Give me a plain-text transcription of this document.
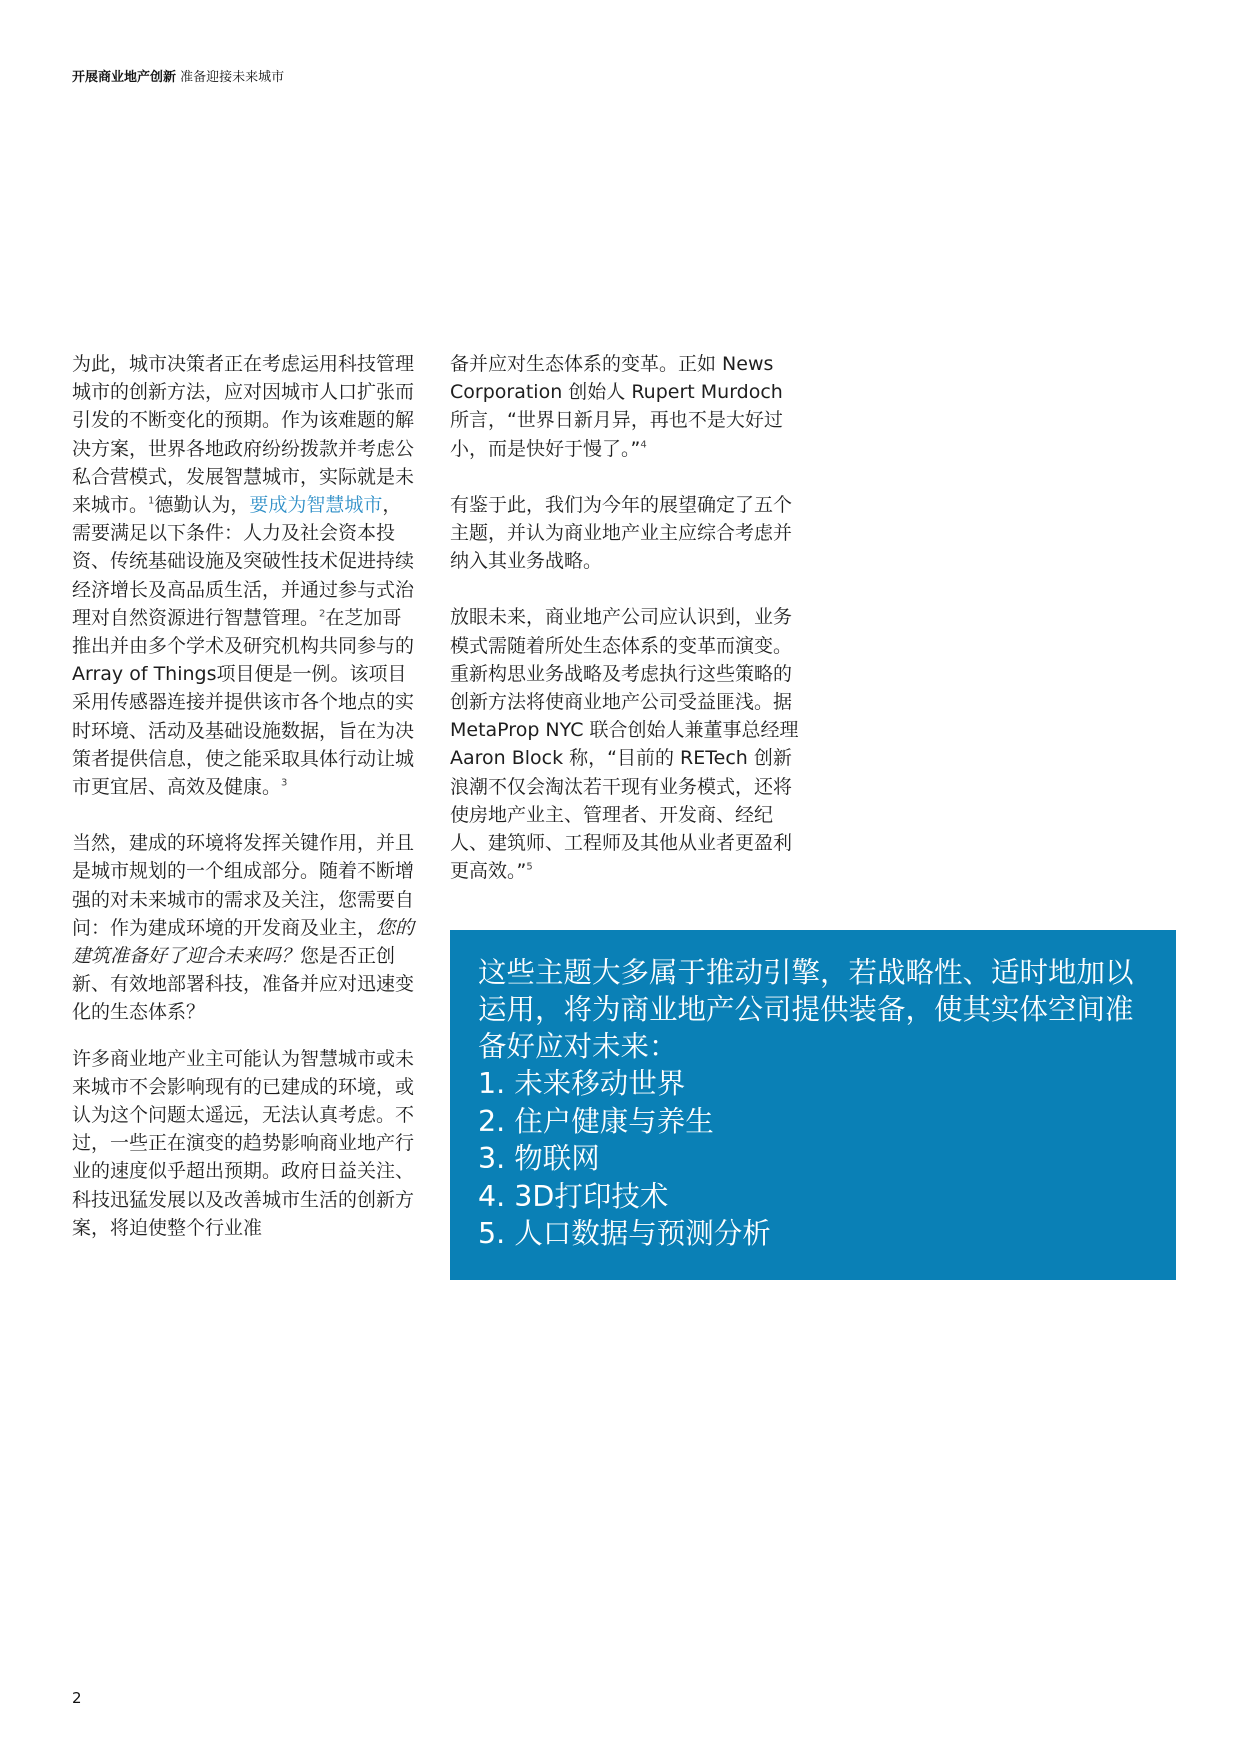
开展商业地产创新 准备迎接未来城市

为此，城市决策者正在考虑运用科技管理城市的创新方法，应对因城市人口扩张而引发的不断变化的预期。作为该难题的解决方案，世界各地政府纷纷拨款并考虑公私合营模式，发展智慧城市，实际就是未来城市。$^1$德勤认为，要成为智慧城市，需要满足以下条件：人力及社会资本投资、传统基础设施及突破性技术促进持续经济增长及高品质生活，并通过参与式治理对自然资源进行智慧管理。$^2$在芝加哥推出并由多个学术及研究机构共同参与的Array of Things项目便是一例。该项目采用传感器连接并提供该市各个地点的实时环境、活动及基础设施数据，旨在为决策者提供信息，使之能采取具体行动让城市更宜居、高效及健康。$^3$

当然，建成的环境将发挥关键作用，并且是城市规划的一个组成部分。随着不断增强的对未来城市的需求及关注，您需要自问：作为建成环境的开发商及业主，您的建筑准备好了迎合未来吗？您是否正创新、有效地部署科技，准备并应对迅速变化的生态体系？

许多商业地产业主可能认为智慧城市或未来城市不会影响现有的已建成的环境，或认为这个问题太遥远，无法认真考虑。不过，一些正在演变的趋势影响商业地产行业的速度似乎超出预期。政府日益关注、科技迅猛发展以及改善城市生活的创新方案，将迫使整个行业准

备并应对生态体系的变革。正如 News Corporation 创始人 Rupert Murdoch 所言，“世界日新月异，再也不是大好过小，而是快好于慢了。”$^4$

有鉴于此，我们为今年的展望确定了五个主题，并认为商业地产业主应综合考虑并纳入其业务战略。

放眼未来，商业地产公司应认识到，业务模式需随着所处生态体系的变革而演变。重新构思业务战略及考虑执行这些策略的创新方法将使商业地产公司受益匪浅。据 MetaProp NYC 联合创始人兼董事总经理 Aaron Block 称，“目前的 RETech 创新浪潮不仅会淘汰若干现有业务模式，还将使房地产业主、管理者、开发商、经纪人、建筑师、工程师及其他从业者更盈利更高效。”$^5$

这些主题大多属于推动引擎，若战略性、适时地加以运用，将为商业地产公司提供装备，使其实体空间准备好应对未来：

1. 未来移动世界
2. 住户健康与养生
3. 物联网
4. 3D打印技术
5. 人口数据与预测分析
2
